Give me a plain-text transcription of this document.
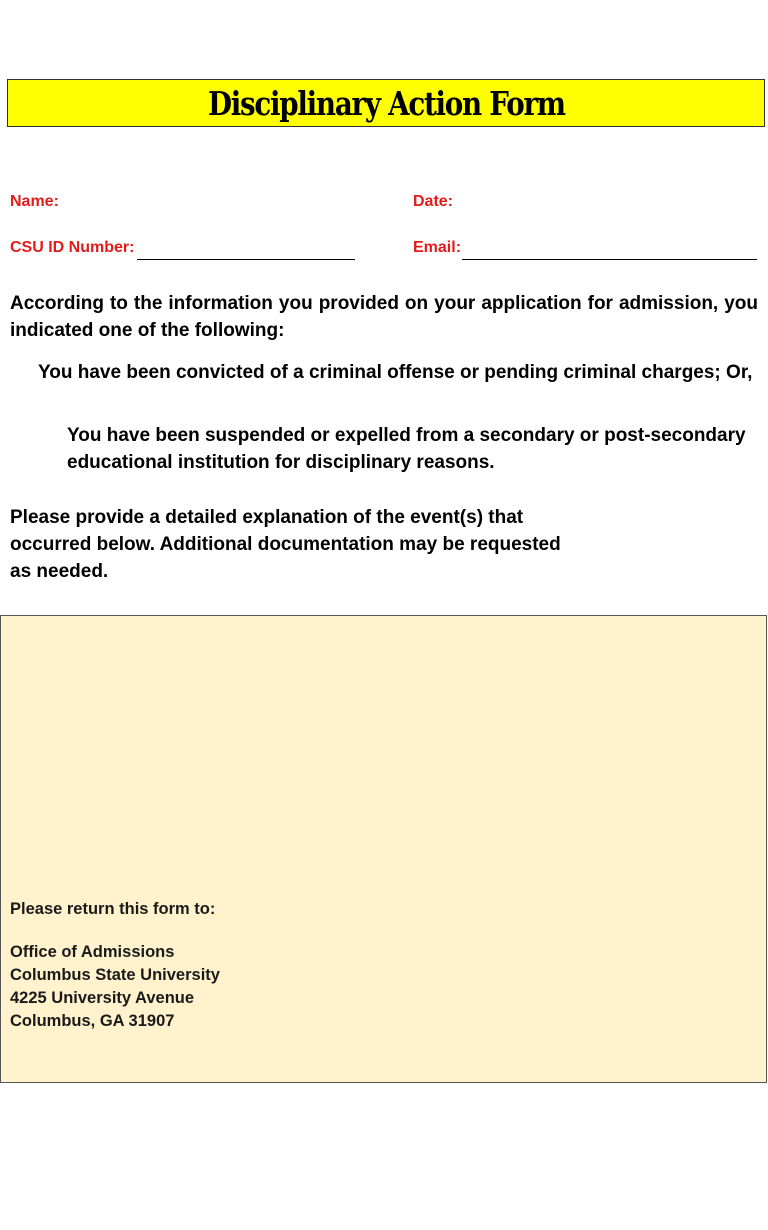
Disciplinary Action Form
Name:	Date:
CSU ID Number:	Email:

According to the information you provided on your application for admission, you indicated one of the following:

You have been convicted of a criminal offense or pending criminal charges; Or,

You have been suspended or expelled from a secondary or post-secondary educational institution for disciplinary reasons.

Please provide a detailed explanation of the event(s) that
occurred below. Additional documentation may be requested
as needed.
Please return this form to:
Office of Admissions
Columbus State University
4225 University Avenue
Columbus, GA 31907
